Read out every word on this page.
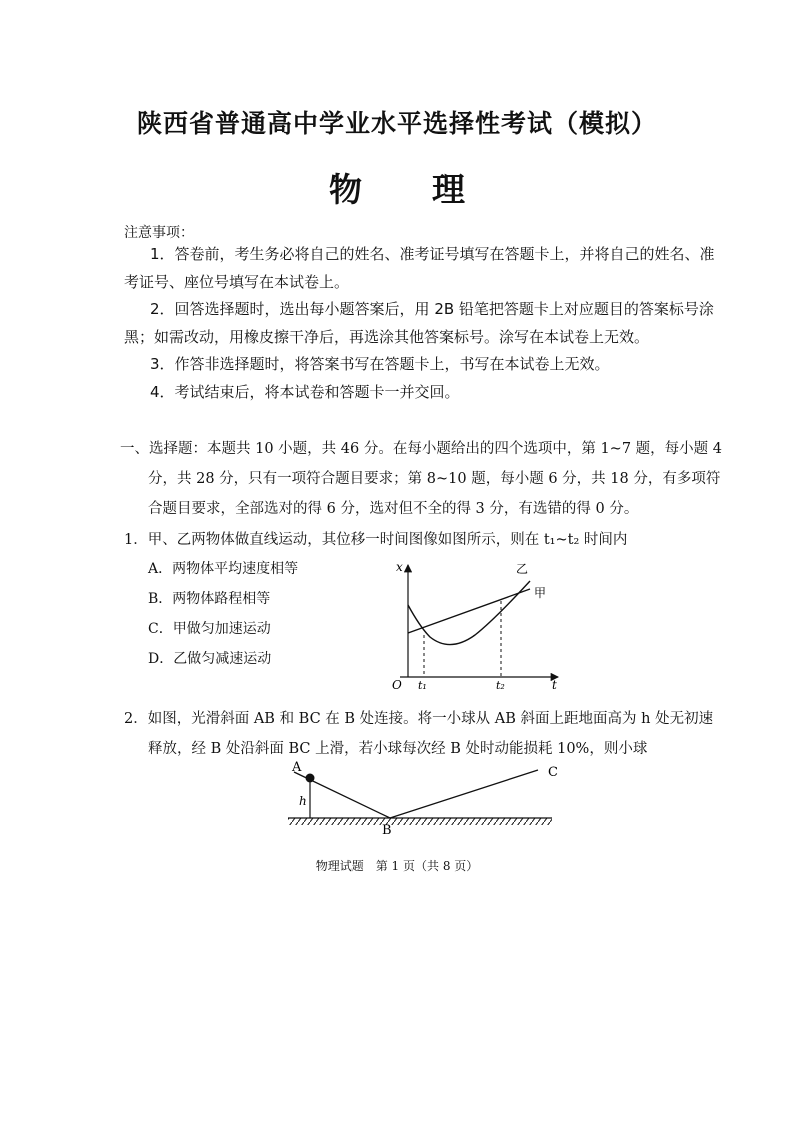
陕西省普通高中学业水平选择性考试（模拟）
物 理
注意事项：
1．答卷前，考生务必将自己的姓名、准考证号填写在答题卡上，并将自己的姓名、准
考证号、座位号填写在本试卷上。
2．回答选择题时，选出每小题答案后，用 2B 铅笔把答题卡上对应题目的答案标号涂
黑；如需改动，用橡皮擦干净后，再选涂其他答案标号。涂写在本试卷上无效。
3．作答非选择题时，将答案书写在答题卡上，书写在本试卷上无效。
4．考试结束后，将本试卷和答题卡一并交回。
一、选择题：本题共 10 小题，共 46 分。在每小题给出的四个选项中，第 1~7 题，每小题 4
分，共 28 分，只有一项符合题目要求；第 8~10 题，每小题 6 分，共 18 分，有多项符
合题目要求，全部选对的得 6 分，选对但不全的得 3 分，有选错的得 0 分。
1．甲、乙两物体做直线运动，其位移一时间图像如图所示，则在 t₁~t₂ 时间内
A．两物体平均速度相等
B．两物体路程相等
C．甲做匀加速运动
D．乙做匀减速运动
x
t
O t₁	t₂
甲
乙
2．如图，光滑斜面 AB 和 BC 在 B 处连接。将一小球从 AB 斜面上距地面高为 h 处无初速
释放，经 B 处沿斜面 BC 上滑，若小球每次经 B 处时动能损耗 10%，则小球
A
B
C
h
物理试题　第 1 页（共 8 页）
